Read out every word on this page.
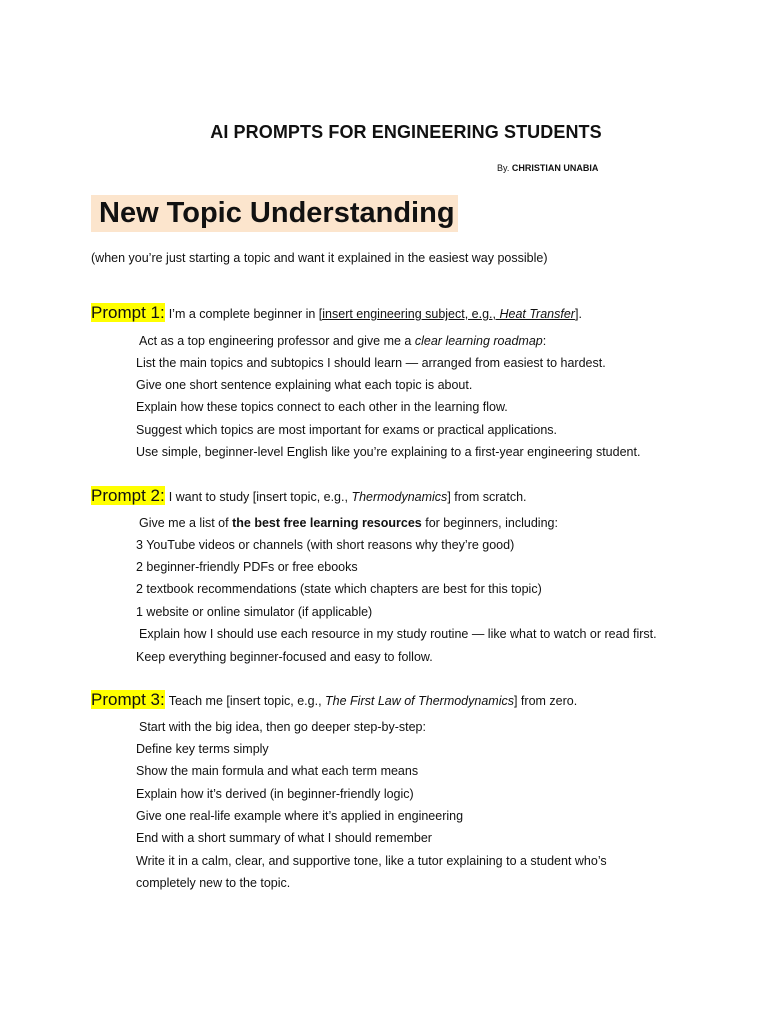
AI PROMPTS FOR ENGINEERING STUDENTS
By. CHRISTIAN UNABIA
New Topic Understanding
(when you’re just starting a topic and want it explained in the easiest way possible)
Prompt 1: I’m a complete beginner in [insert engineering subject, e.g., Heat Transfer].
Act as a top engineering professor and give me a clear learning roadmap:
List the main topics and subtopics I should learn — arranged from easiest to hardest.
Give one short sentence explaining what each topic is about.
Explain how these topics connect to each other in the learning flow.
Suggest which topics are most important for exams or practical applications.
Use simple, beginner-level English like you’re explaining to a first-year engineering student.
Prompt 2: I want to study [insert topic, e.g., Thermodynamics] from scratch.
Give me a list of the best free learning resources for beginners, including:
3 YouTube videos or channels (with short reasons why they’re good)
2 beginner-friendly PDFs or free ebooks
2 textbook recommendations (state which chapters are best for this topic)
1 website or online simulator (if applicable)
Explain how I should use each resource in my study routine — like what to watch or read first.
Keep everything beginner-focused and easy to follow.
Prompt 3: Teach me [insert topic, e.g., The First Law of Thermodynamics] from zero.
Start with the big idea, then go deeper step-by-step:
Define key terms simply
Show the main formula and what each term means
Explain how it’s derived (in beginner-friendly logic)
Give one real-life example where it’s applied in engineering
End with a short summary of what I should remember
Write it in a calm, clear, and supportive tone, like a tutor explaining to a student who’s
completely new to the topic.
